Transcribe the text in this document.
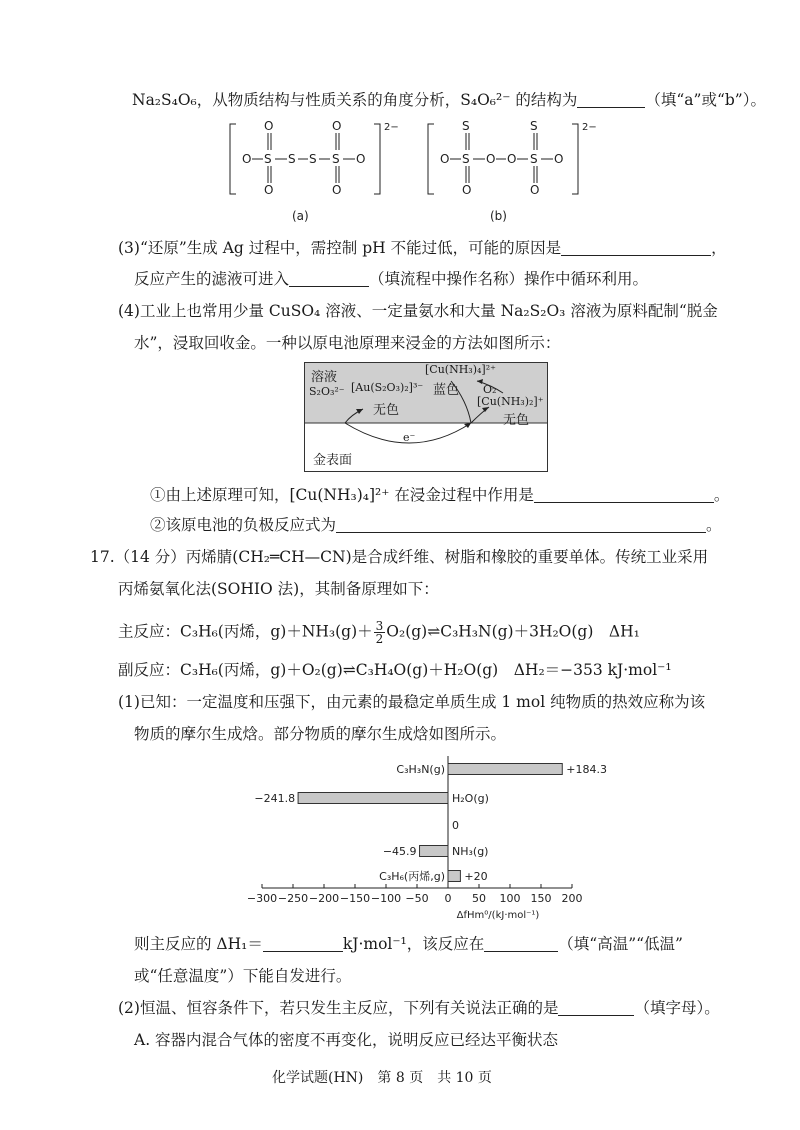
Na₂S₄O₆，从物质结构与性质关系的角度分析，S₄O₆²⁻ 的结构为	（填“a”或“b”）。
O S
O
O
S S S
O
O
O	O S
S
O
O O S
S
O
O
2−	2−
(a)	(b)
(3)“还原”生成 Ag 过程中，需控制 pH 不能过低，可能的原因是	，
反应产生的滤液可进入	（填流程中操作名称）操作中循环利用。
(4)工业上也常用少量 CuSO₄ 溶液、一定量氨水和大量 Na₂S₂O₃ 溶液为原料配制“脱金
水”，浸取回收金。一种以原电池原理来浸金的方法如图所示：
溶液
S₂O₃²⁻ [Au(S₂O₃)₂]³⁻
无色
[Cu(NH₃)₄]²⁺
蓝色 O₂
[Cu(NH₃)₂]⁺
无色
e⁻
金表面
①由上述原理可知，[Cu(NH₃)₄]²⁺ 在浸金过程中作用是	。
②该原电池的负极反应式为	。
17.（14 分）丙烯腈(CH₂═CH—CN)是合成纤维、树脂和橡胶的重要单体。传统工业采用
丙烯氨氧化法(SOHIO 法)，其制备原理如下：
主反应：C₃H₆(丙烯，$g)+NH_3(g)+ \frac{3}{2}$ O₂(g)⇌C₃H₃N(g)＋3H₂O(g)　ΔH₁
副反应：C₃H₆(丙烯，g)＋O₂(g)⇌C₃H₄O(g)＋H₂O(g)　ΔH₂＝−353 kJ·mol⁻¹
(1)已知：一定温度和压强下，由元素的最稳定单质生成 1 mol 纯物质的热效应称为该
物质的摩尔生成焓。部分物质的摩尔生成焓如图所示。
−300 −250 −200 −150 −100 −50 0 50 100 150 200
ΔfHm⁰/(kJ·mol⁻¹)
C₃H₃N(g)	+184.3
H₂O(g)
−241.8
0
NH₃(g)
−45.9
C₃H₆(丙烯,g) +20
则主反应的 ΔH₁＝	kJ·mol⁻¹，该反应在	（填“高温”“低温”
或“任意温度”）下能自发进行。
(2)恒温、恒容条件下，若只发生主反应，下列有关说法正确的是	（填字母）。
A. 容器内混合气体的密度不再变化，说明反应已经达平衡状态
化学试题(HN)　第 8 页　共 10 页
